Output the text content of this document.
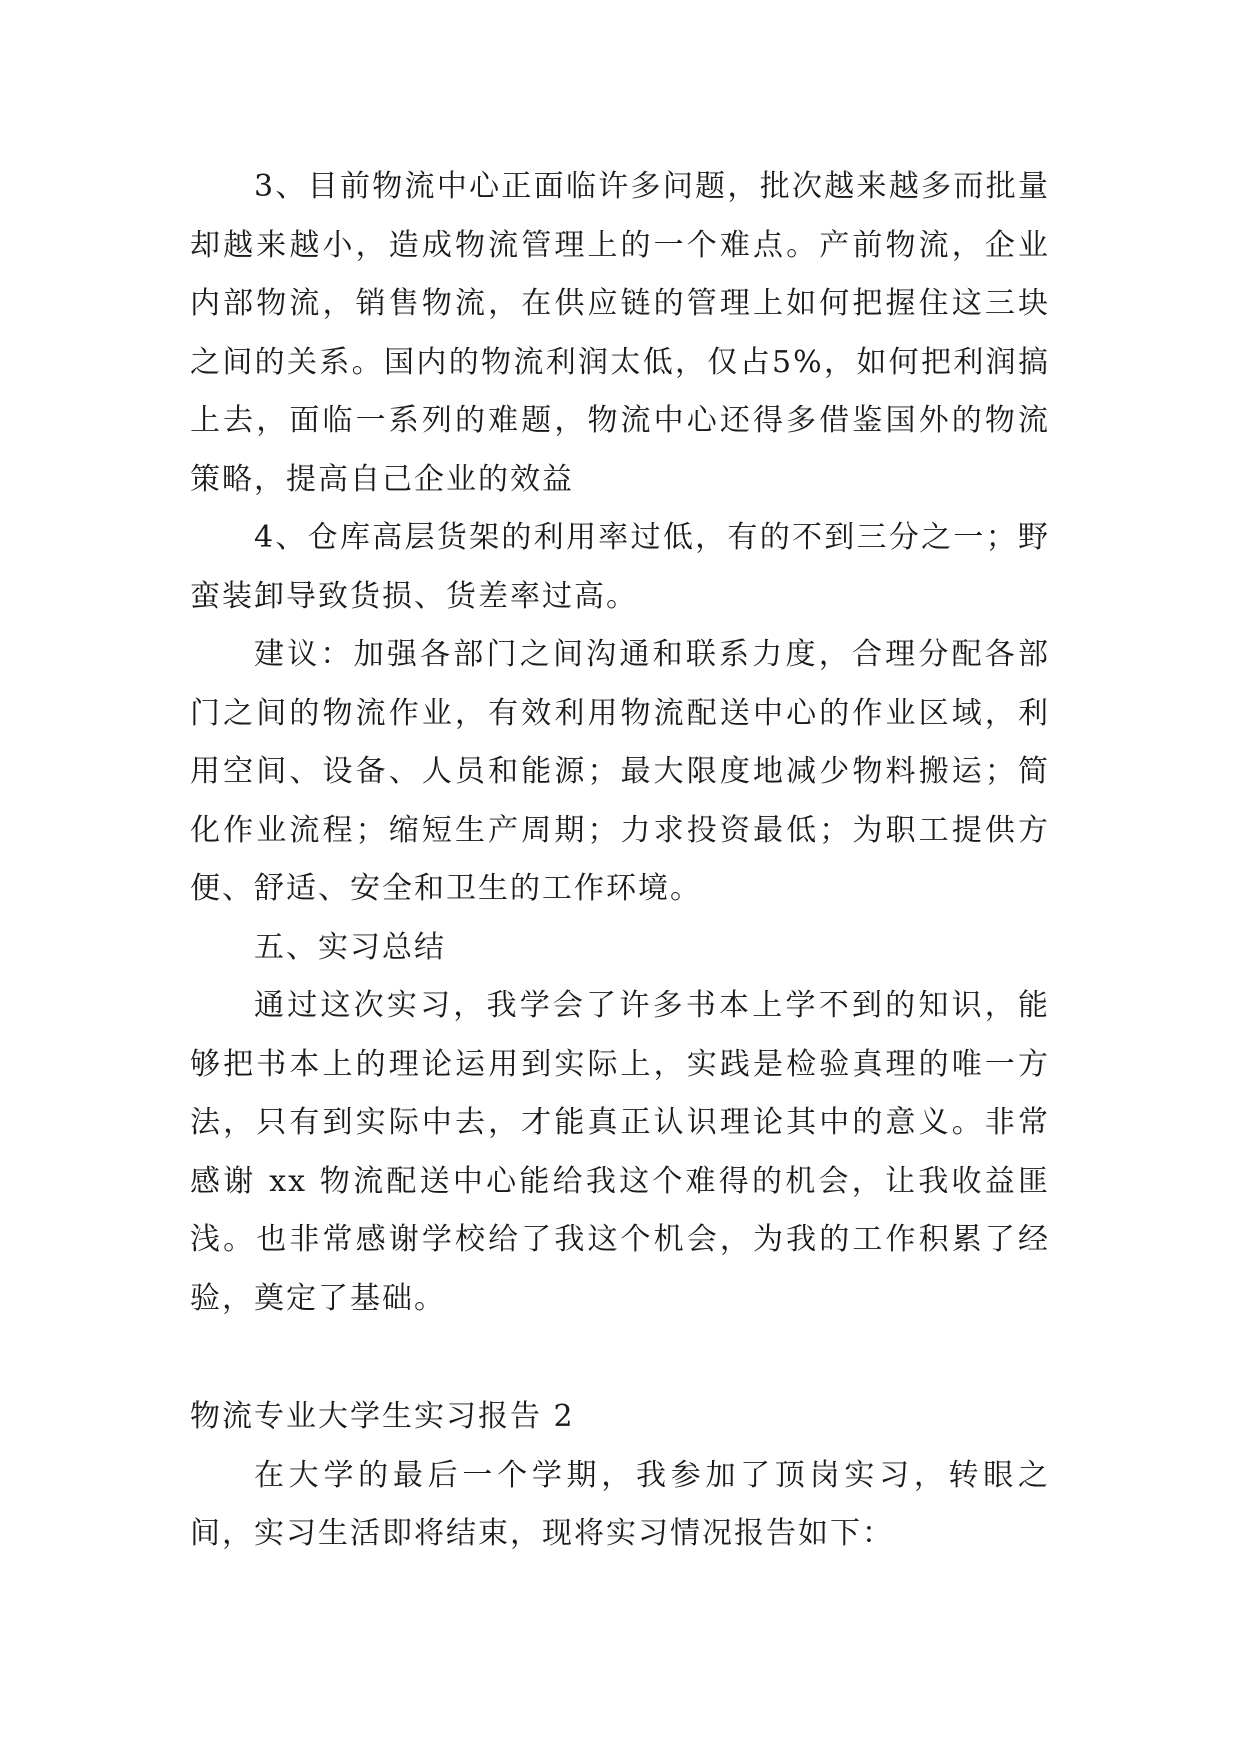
3、目前物流中心正面临许多问题，批次越来越多而批量却越来越小，造成物流管理上的一个难点。产前物流，企业内部物流，销售物流，在供应链的管理上如何把握住这三块之间的关系。国内的物流利润太低，仅占5%，如何把利润搞上去，面临一系列的难题，物流中心还得多借鉴国外的物流策略，提高自己企业的效益

4、仓库高层货架的利用率过低，有的不到三分之一；野蛮装卸导致货损、货差率过高。

建议：加强各部门之间沟通和联系力度，合理分配各部门之间的物流作业，有效利用物流配送中心的作业区域，利用空间、设备、人员和能源；最大限度地减少物料搬运；简化作业流程；缩短生产周期；力求投资最低；为职工提供方便、舒适、安全和卫生的工作环境。

五、实习总结

通过这次实习，我学会了许多书本上学不到的知识，能够把书本上的理论运用到实际上，实践是检验真理的唯一方法，只有到实际中去，才能真正认识理论其中的意义。非常感谢 xx 物流配送中心能给我这个难得的机会，让我收益匪浅。也非常感谢学校给了我这个机会，为我的工作积累了经验，奠定了基础。

物流专业大学生实习报告 2

在大学的最后一个学期，我参加了顶岗实习，转眼之间，实习生活即将结束，现将实习情况报告如下：
